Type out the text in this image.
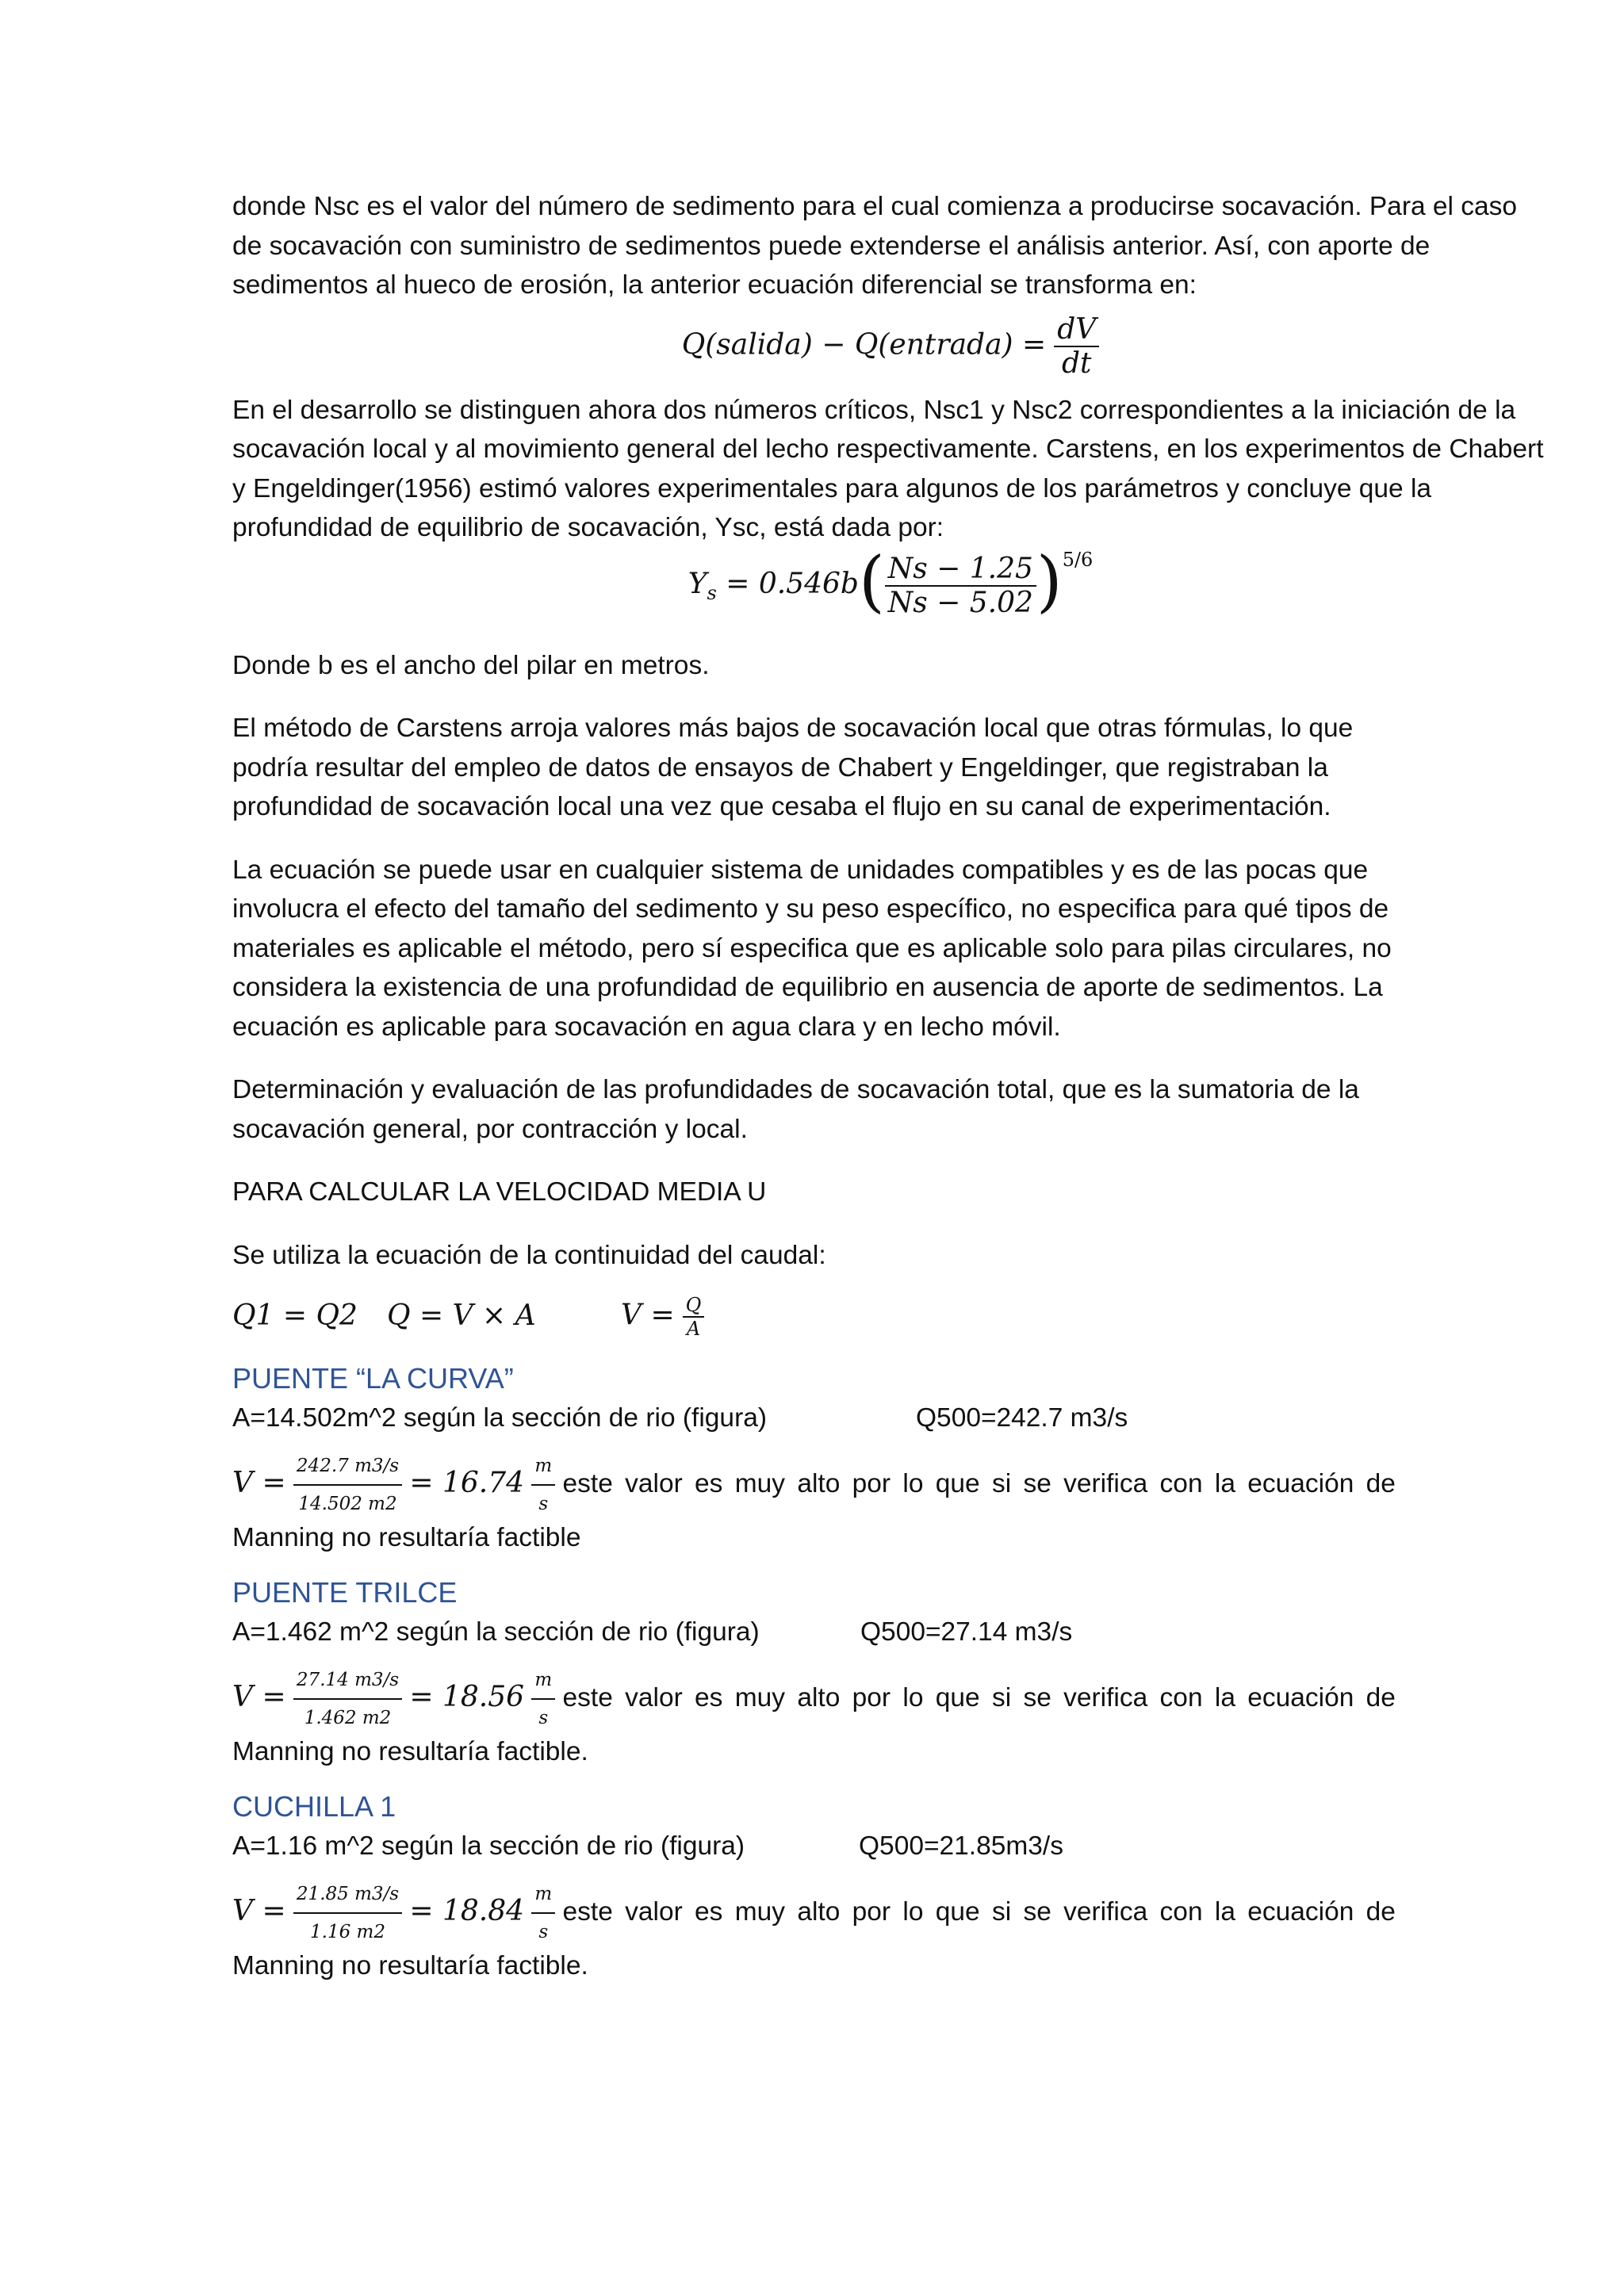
donde Nsc es el valor del número de sedimento para el cual comienza a producirse socavación. Para el caso de socavación con suministro de sedimentos puede extenderse el análisis anterior. Así, con aporte de sedimentos al hueco de erosión, la anterior ecuación diferencial se transforma en:

Q(salida) − Q(entrada) = $\frac{dV}{dt}$

En el desarrollo se distinguen ahora dos números críticos, Nsc1 y Nsc2 correspondientes a la iniciación de la socavación local y al movimiento general del lecho respectivamente. Carstens, en los experimentos de Chabert y Engeldinger(1956) estimó valores experimentales para algunos de los parámetros y concluye que la profundidad de equilibrio de socavación, Ysc, está dada por:

$Y_s = 0.546b( \frac{Ns - 1.25}{Ns - 5.02} )^{5/6}$

Donde b es el ancho del pilar en metros.

El método de Carstens arroja valores más bajos de socavación local que otras fórmulas, lo que podría resultar del empleo de datos de ensayos de Chabert y Engeldinger, que registraban la profundidad de socavación local una vez que cesaba el flujo en su canal de experimentación.

La ecuación se puede usar en cualquier sistema de unidades compatibles y es de las pocas que involucra el efecto del tamaño del sedimento y su peso específico, no especifica para qué tipos de materiales es aplicable el método, pero sí especifica que es aplicable solo para pilas circulares, no considera la existencia de una profundidad de equilibrio en ausencia de aporte de sedimentos. La ecuación es aplicable para socavación en agua clara y en lecho móvil.

Determinación y evaluación de las profundidades de socavación total, que es la sumatoria de la socavación general, por contracción y local.

PARA CALCULAR LA VELOCIDAD MEDIA U

Se utiliza la ecuación de la continuidad del caudal:

Q1 = Q2 Q = V × A	$V = \frac{Q}{A}$

PUENTE “LA CURVA”

A=14.502m^2 según la sección de rio (figura)	Q500=242.7 m3/s
$V = \frac{242.7 m3/s}{14.502 m2} = 16.74 \frac{m}{s}$ este valor es muy alto por lo que si se verifica con la ecuación de
Manning no resultaría factible

PUENTE TRILCE

A=1.462 m^2 según la sección de rio (figura)	Q500=27.14 m3/s
$V = \frac{27.14 m3/s}{1.462 m2} = 18.56 \frac{m}{s}$ este valor es muy alto por lo que si se verifica con la ecuación de
Manning no resultaría factible.

CUCHILLA 1

A=1.16 m^2 según la sección de rio (figura)	Q500=21.85m3/s
$V = \frac{21.85 m3/s}{1.16 m2} = 18.84 \frac{m}{s}$ este valor es muy alto por lo que si se verifica con la ecuación de
Manning no resultaría factible.
